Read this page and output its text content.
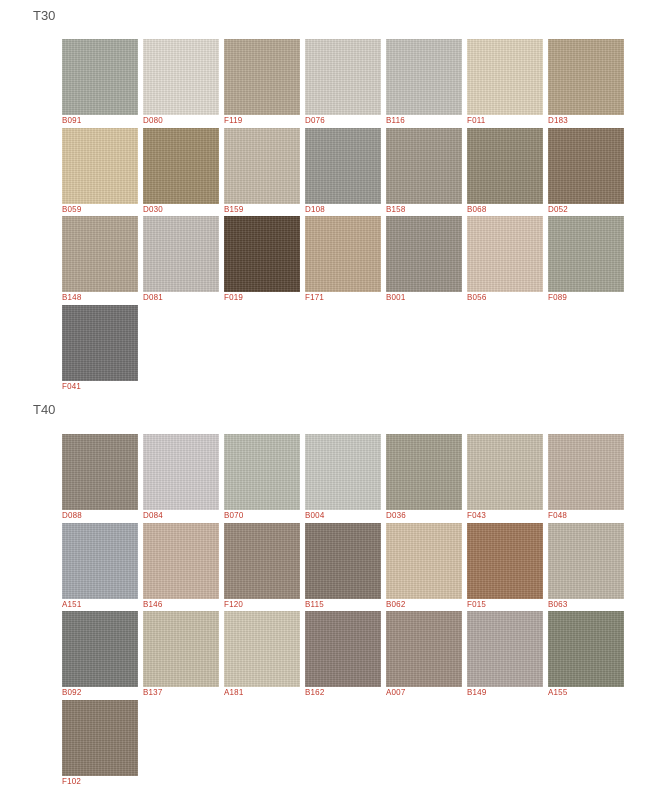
T30
B091	D080	F119	D076	B116	F011	D183
B059	D030	B159	D108	B158	B068	D052
B148	D081	F019	F171	B001	B056	F089
F041
T40
D088	D084	B070	B004	D036	F043	F048
A151	B146	F120	B115	B062	F015	B063
B092	B137	A181	B162	A007	B149	A155
F102
